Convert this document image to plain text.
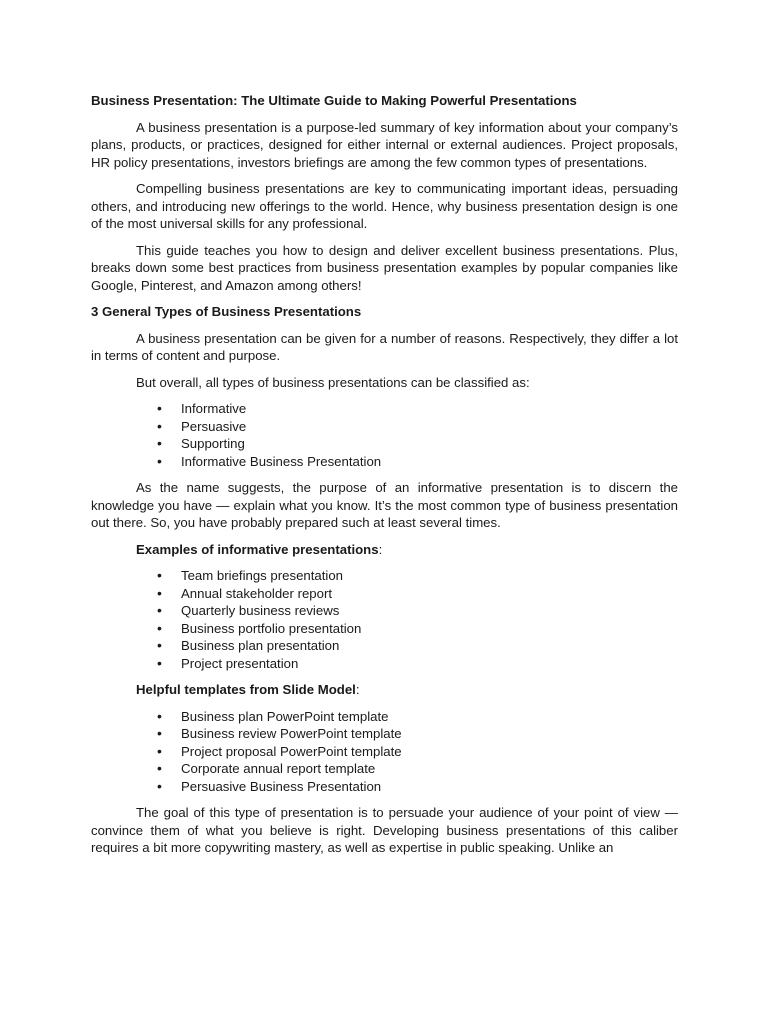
Business Presentation: The Ultimate Guide to Making Powerful Presentations

A business presentation is a purpose-led summary of key information about your company’s plans, products, or practices, designed for either internal or external audiences. Project proposals, HR policy presentations, investors briefings are among the few common types of presentations.

Compelling business presentations are key to communicating important ideas, persuading others, and introducing new offerings to the world. Hence, why business presentation design is one of the most universal skills for any professional.

This guide teaches you how to design and deliver excellent business presentations. Plus, breaks down some best practices from business presentation examples by popular companies like Google, Pinterest, and Amazon among others!

3 General Types of Business Presentations

A business presentation can be given for a number of reasons. Respectively, they differ a lot in terms of content and purpose.

But overall, all types of business presentations can be classified as:

• Informative
• Persuasive
• Supporting
• Informative Business Presentation

As the name suggests, the purpose of an informative presentation is to discern the knowledge you have — explain what you know. It’s the most common type of business presentation out there. So, you have probably prepared such at least several times.

Examples of informative presentations:
• Team briefings presentation
• Annual stakeholder report
• Quarterly business reviews
• Business portfolio presentation
• Business plan presentation
• Project presentation
Helpful templates from Slide Model:
• Business plan PowerPoint template
• Business review PowerPoint template
• Project proposal PowerPoint template
• Corporate annual report template
• Persuasive Business Presentation

The goal of this type of presentation is to persuade your audience of your point of view — convince them of what you believe is right. Developing business presentations of this caliber requires a bit more copywriting mastery, as well as expertise in public speaking. Unlike an
